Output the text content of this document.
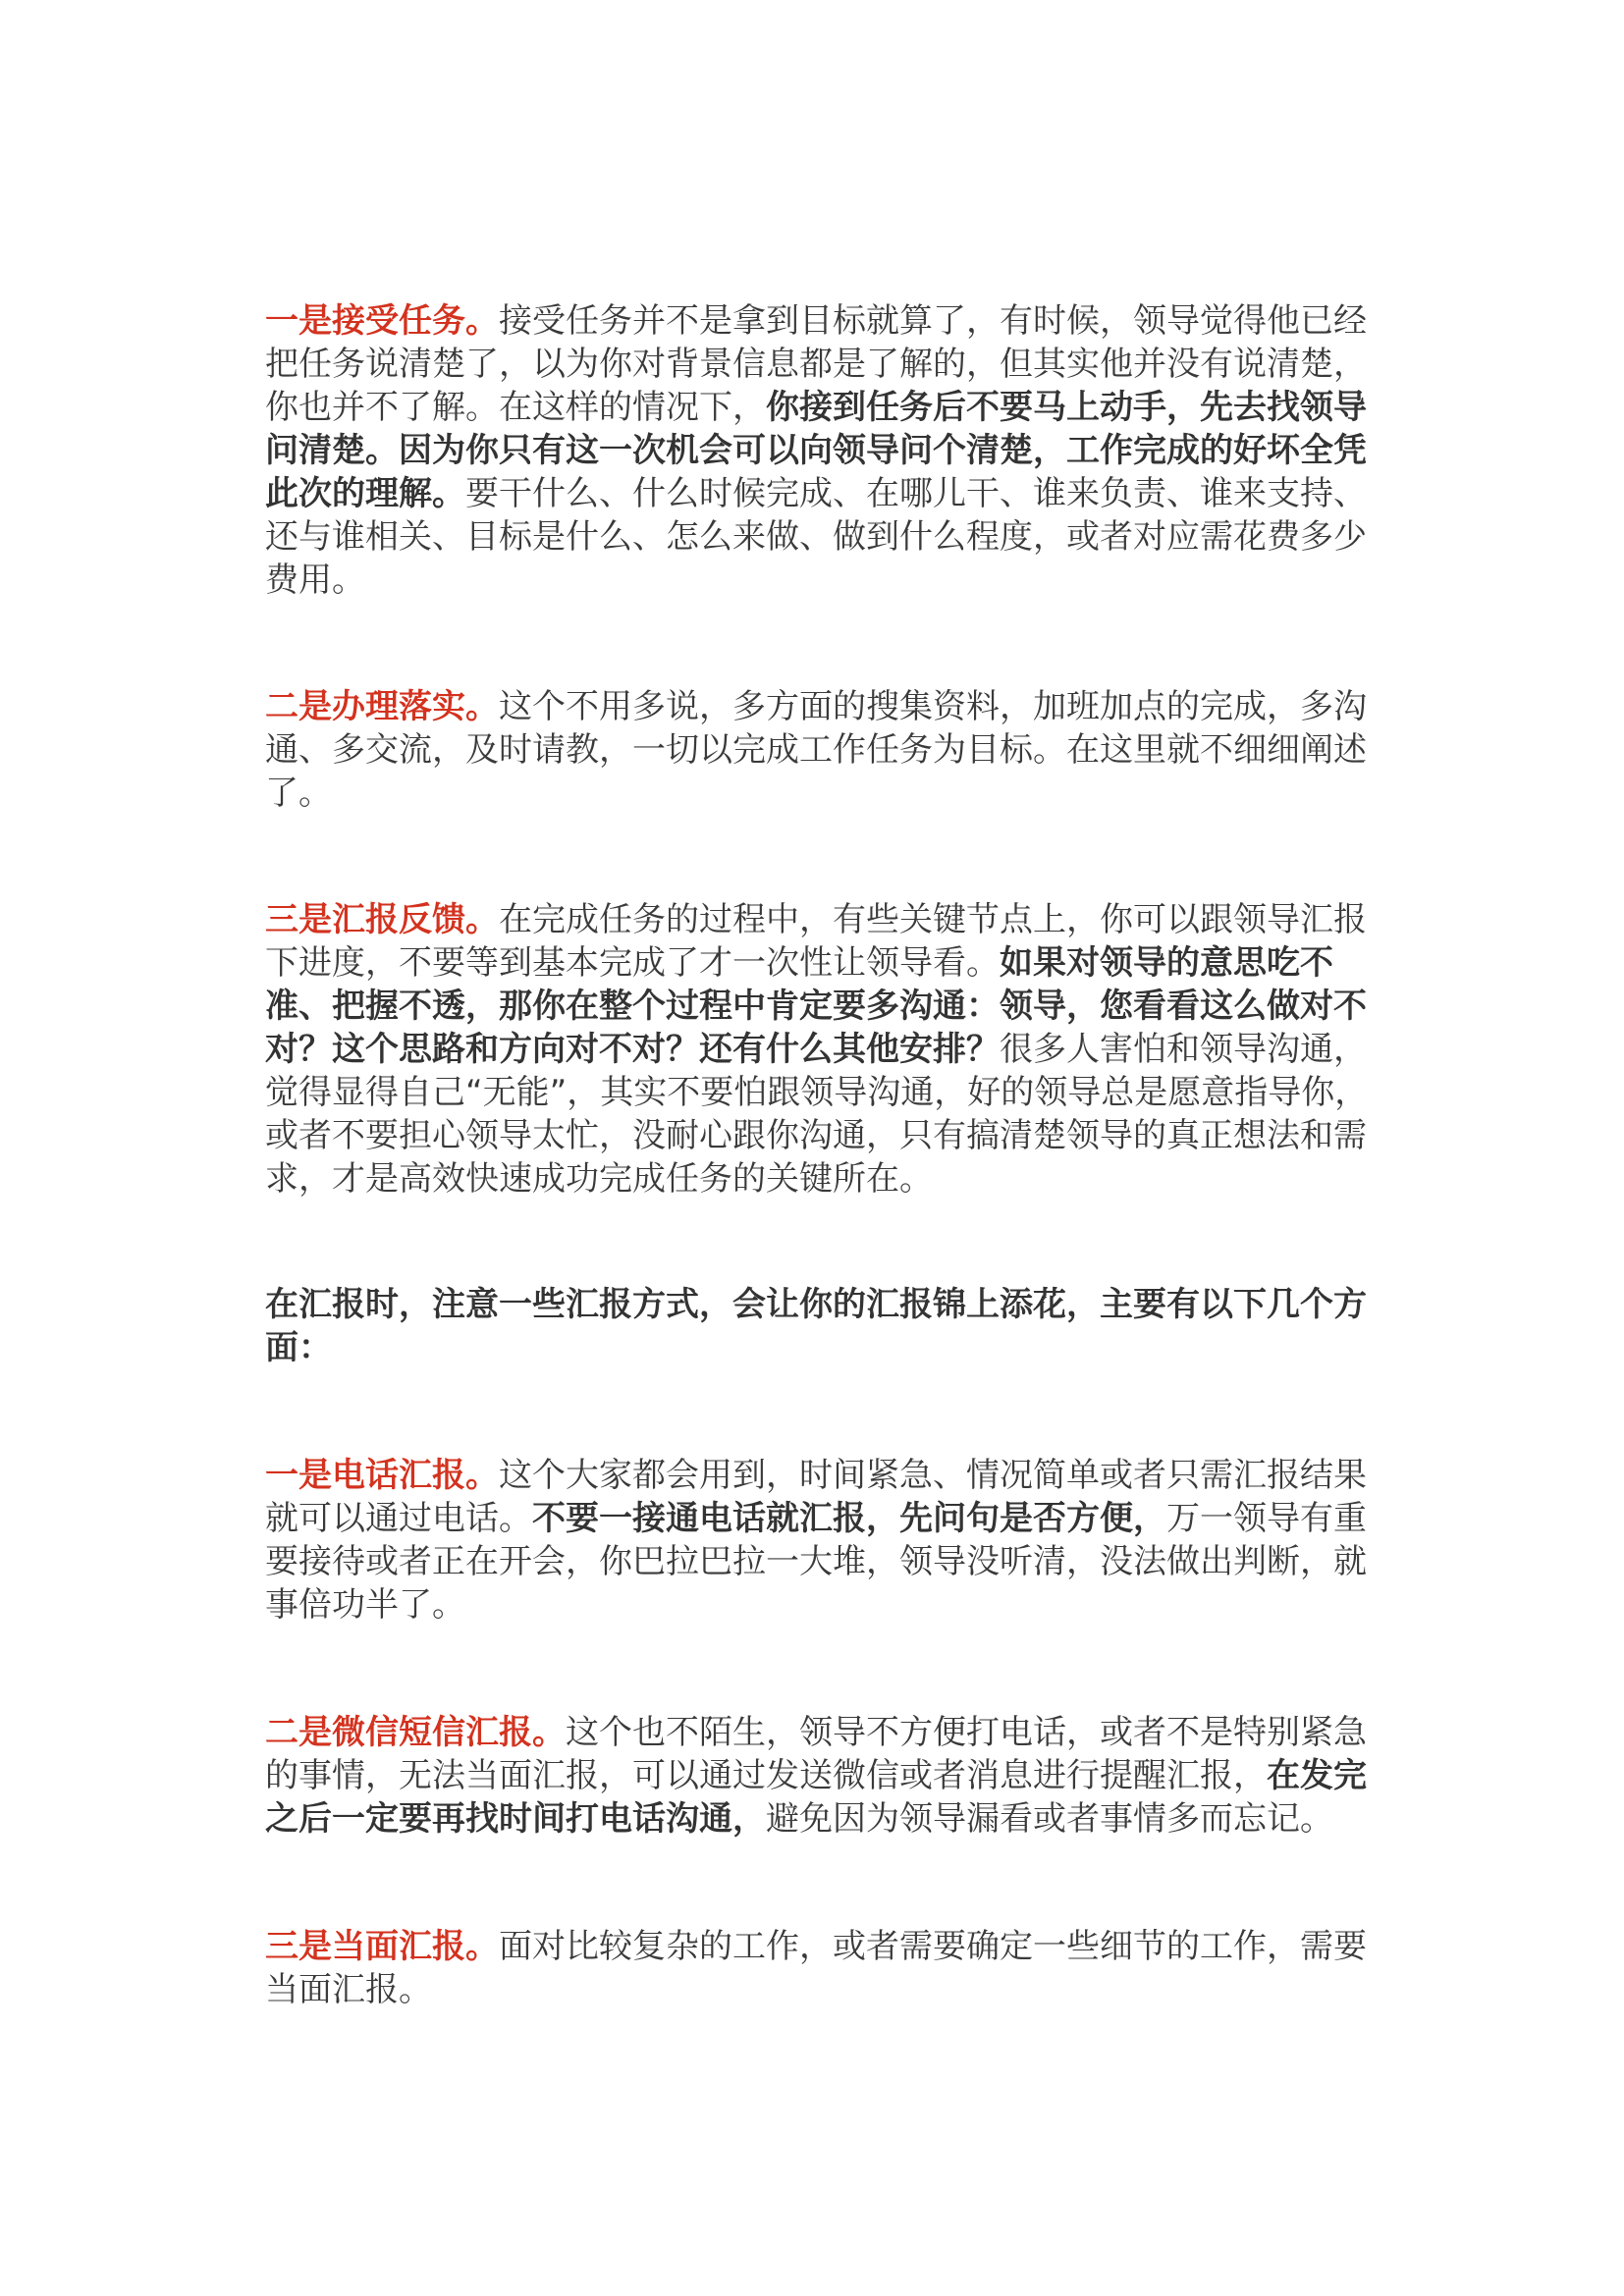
一是接受任务。接受任务并不是拿到目标就算了，有时候，领导觉得他已经把任务说清楚了，以为你对背景信息都是了解的，但其实他并没有说清楚，你也并不了解。在这样的情况下，你接到任务后不要马上动手，先去找领导问清楚。因为你只有这一次机会可以向领导问个清楚，工作完成的好坏全凭此次的理解。要干什么、什么时候完成、在哪儿干、谁来负责、谁来支持、还与谁相关、目标是什么、怎么来做、做到什么程度，或者对应需花费多少费用。

二是办理落实。这个不用多说，多方面的搜集资料，加班加点的完成，多沟通、多交流，及时请教，一切以完成工作任务为目标。在这里就不细细阐述了。

三是汇报反馈。在完成任务的过程中，有些关键节点上，你可以跟领导汇报下进度，不要等到基本完成了才一次性让领导看。如果对领导的意思吃不准、把握不透，那你在整个过程中肯定要多沟通：领导，您看看这么做对不对？这个思路和方向对不对？还有什么其他安排？很多人害怕和领导沟通，觉得显得自己“无能”，其实不要怕跟领导沟通，好的领导总是愿意指导你，或者不要担心领导太忙，没耐心跟你沟通，只有搞清楚领导的真正想法和需求，才是高效快速成功完成任务的关键所在。

在汇报时，注意一些汇报方式，会让你的汇报锦上添花，主要有以下几个方面：

一是电话汇报。这个大家都会用到，时间紧急、情况简单或者只需汇报结果就可以通过电话。不要一接通电话就汇报，先问句是否方便，万一领导有重要接待或者正在开会，你巴拉巴拉一大堆，领导没听清，没法做出判断，就事倍功半了。

二是微信短信汇报。这个也不陌生，领导不方便打电话，或者不是特别紧急的事情，无法当面汇报，可以通过发送微信或者消息进行提醒汇报，在发完之后一定要再找时间打电话沟通，避免因为领导漏看或者事情多而忘记。

三是当面汇报。面对比较复杂的工作，或者需要确定一些细节的工作，需要当面汇报。
